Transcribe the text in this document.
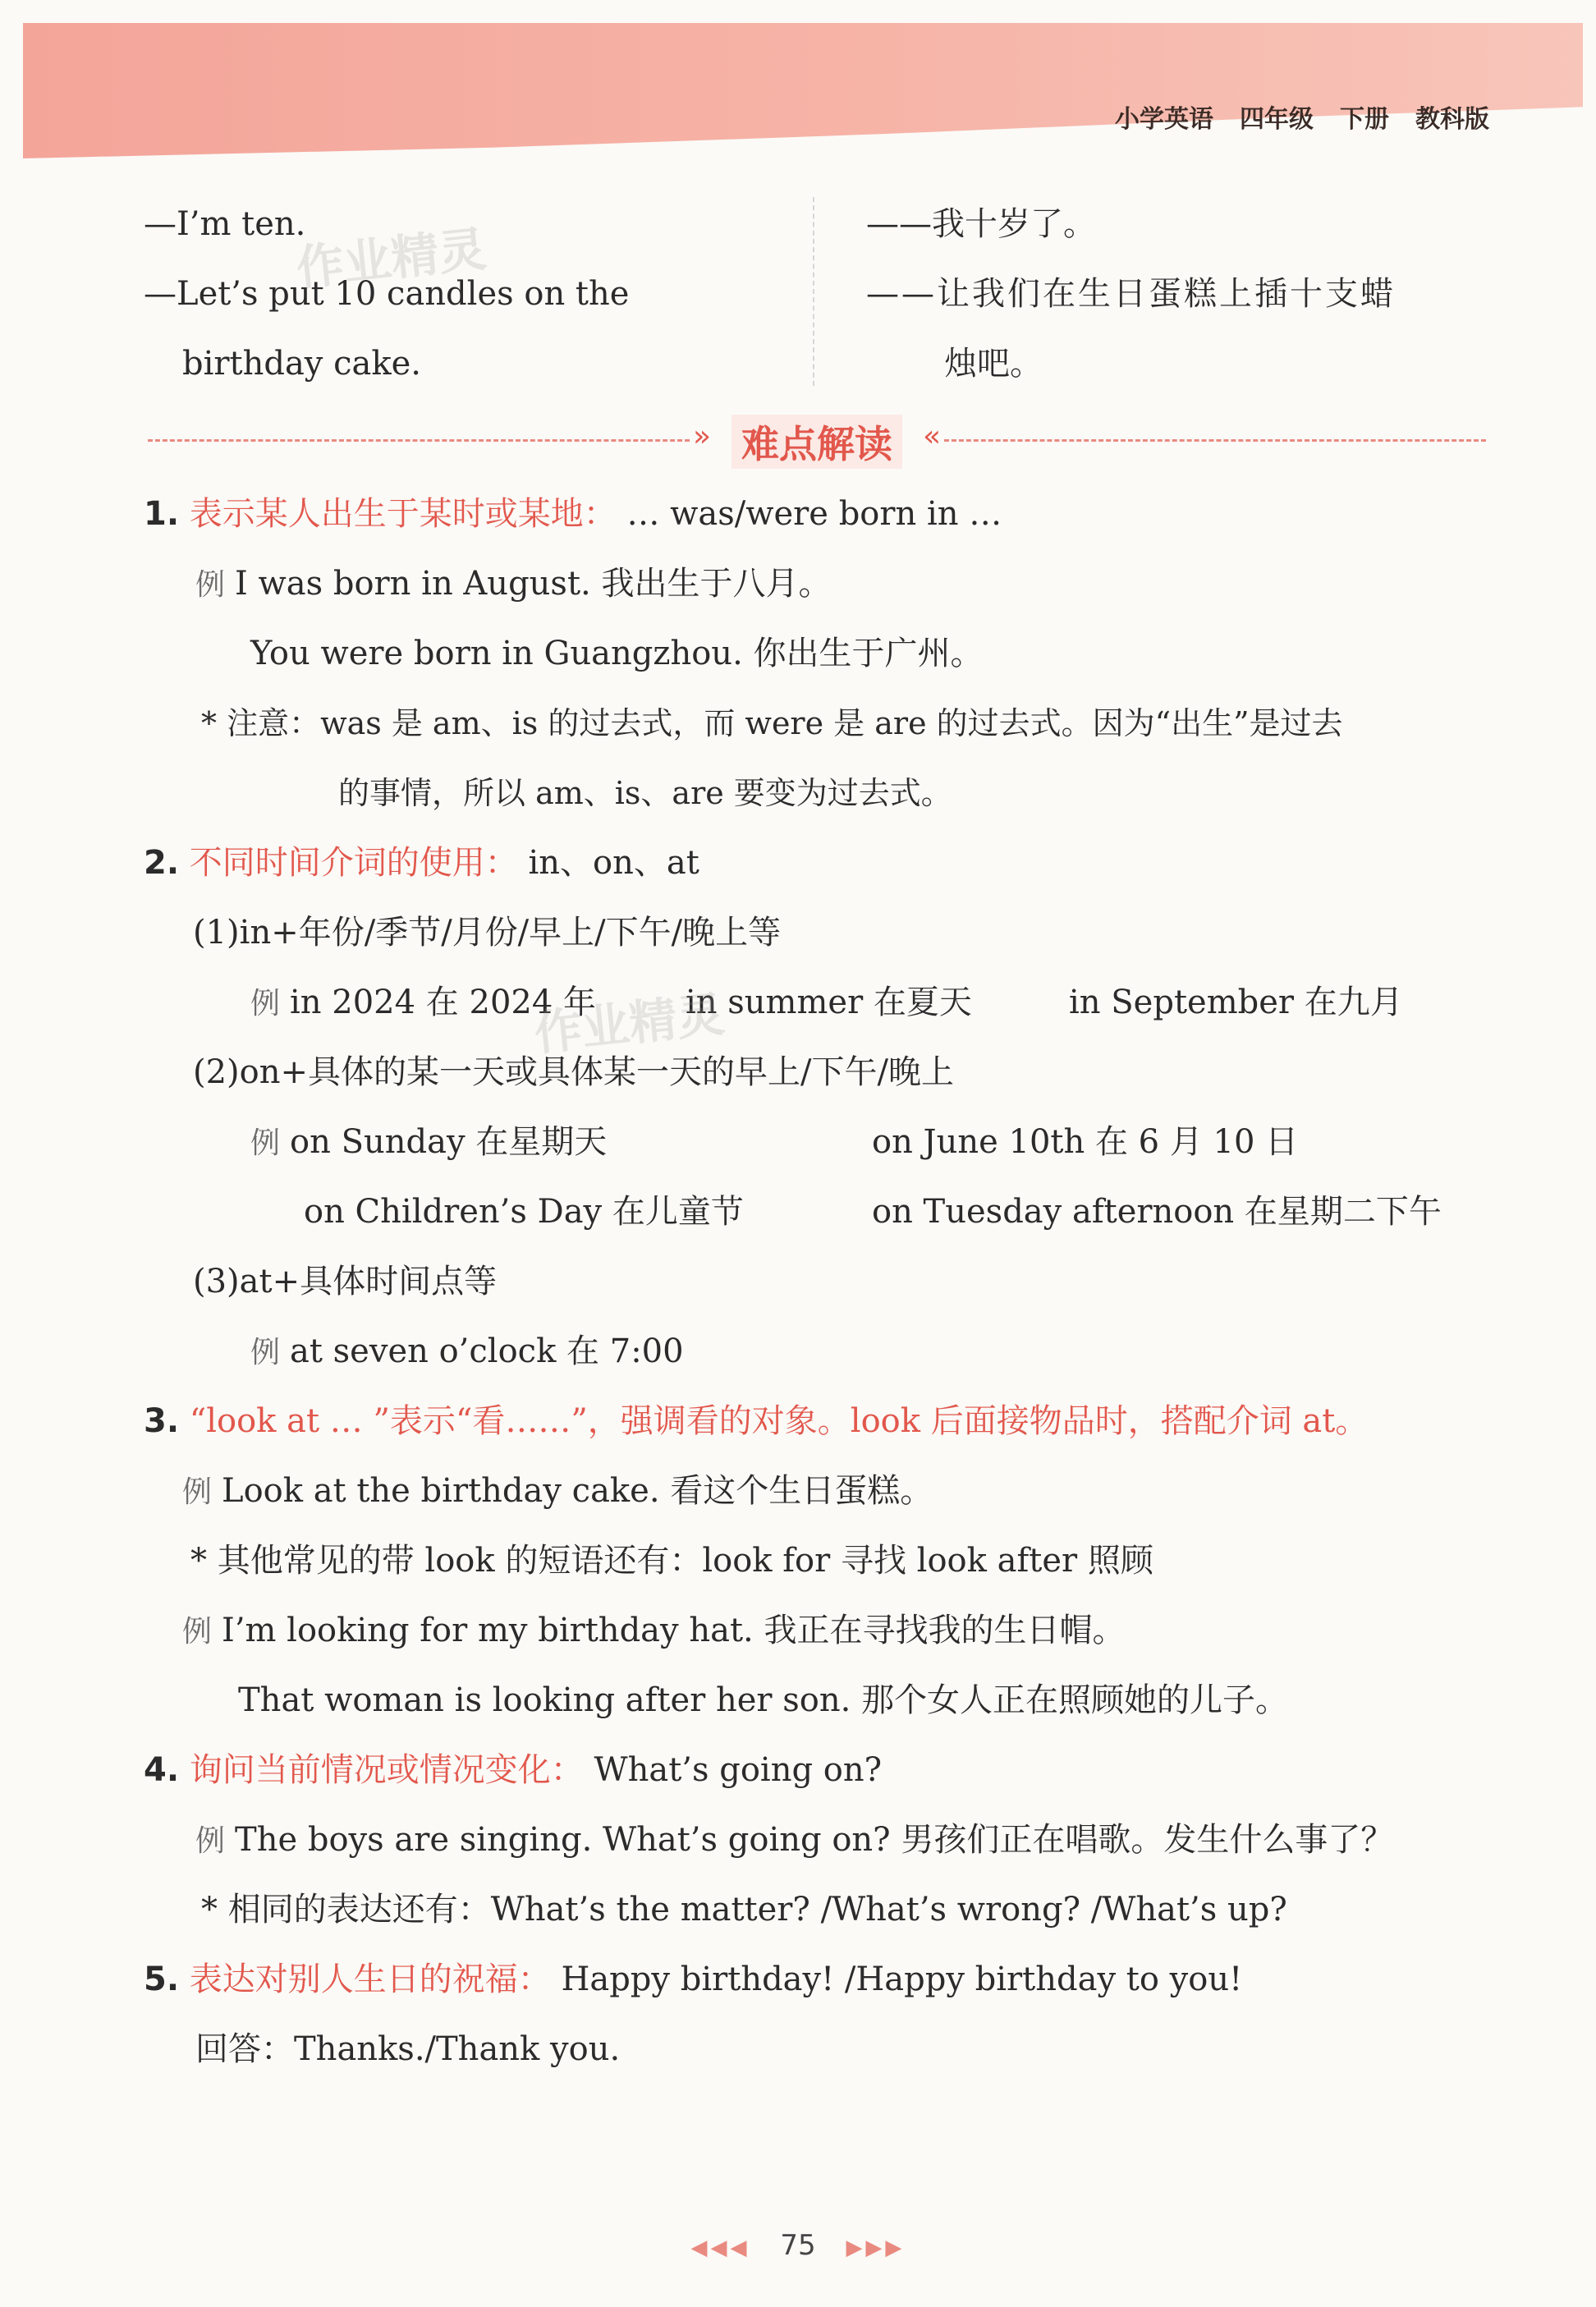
小学英语 四年级 下册 教科版
—I’m ten.
—Let’s put 10 candles on the
birthday cake.
——我十岁了。
——让我们在生日蛋糕上插十支蜡
烛吧。
作业精灵
» 难点解读	«
1. 表示某人出生于某时或某地： … was/were born in …
例 I was born in August. 我出生于八月。
You were born in Guangzhou. 你出生于广州。
* 注意：was 是 am、is 的过去式，而 were 是 are 的过去式。因为“出生”是过去
的事情，所以 am、is、are 要变为过去式。
2. 不同时间介词的使用： in、on、at
(1)in+年份/季节/月份/早上/下午/晚上等
例 in 2024 在 2024 年	in summer 在夏天	in September 在九月
作业精灵
(2)on+具体的某一天或具体某一天的早上/下午/晚上
例 on Sunday 在星期天	on June 10th 在 6 月 10 日
on Children’s Day 在儿童节	on Tuesday afternoon 在星期二下午
(3)at+具体时间点等
例 at seven o’clock 在 7:00
3. “look at … ”表示“看……”，强调看的对象。look 后面接物品时，搭配介词 at。
例 Look at the birthday cake. 看这个生日蛋糕。
* 其他常见的带 look 的短语还有：look for 寻找 look after 照顾
例 I’m looking for my birthday hat. 我正在寻找我的生日帽。
That woman is looking after her son. 那个女人正在照顾她的儿子。
4. 询问当前情况或情况变化： What’s going on?
例 The boys are singing. What’s going on? 男孩们正在唱歌。发生什么事了？
* 相同的表达还有：What’s the matter? /What’s wrong? /What’s up?
5. 表达对别人生日的祝福： Happy birthday! /Happy birthday to you!
回答：Thanks./Thank you.
◀◀◀ 75 ▶▶▶
